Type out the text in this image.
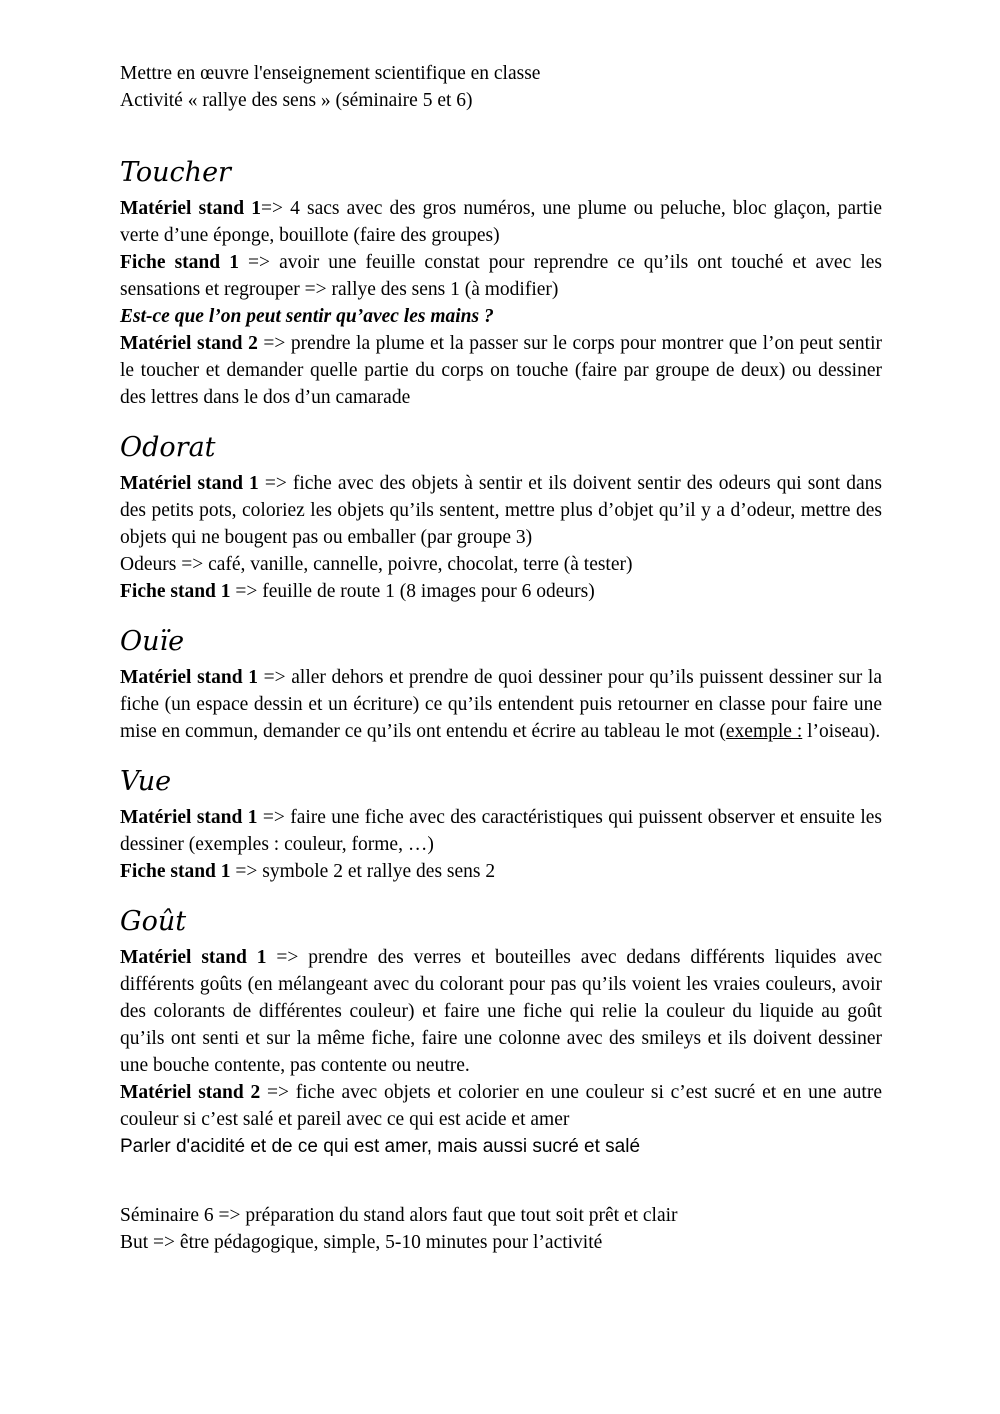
Mettre en œuvre l'enseignement scientifique en classe

Activité « rallye des sens » (séminaire 5 et 6)

Toucher

Matériel stand 1=> 4 sacs avec des gros numéros, une plume ou peluche, bloc glaçon, partie verte d’une éponge, bouillote (faire des groupes)

Fiche stand 1 => avoir une feuille constat pour reprendre ce qu’ils ont touché et avec les sensations et regrouper => rallye des sens 1 (à modifier)

Est-ce que l’on peut sentir qu’avec les mains ?

Matériel stand 2 => prendre la plume et la passer sur le corps pour montrer que l’on peut sentir le toucher et demander quelle partie du corps on touche (faire par groupe de deux) ou dessiner des lettres dans le dos d’un camarade

Odorat

Matériel stand 1 => fiche avec des objets à sentir et ils doivent sentir des odeurs qui sont dans des petits pots, coloriez les objets qu’ils sentent, mettre plus d’objet qu’il y a d’odeur, mettre des objets qui ne bougent pas ou emballer (par groupe 3)

Odeurs => café, vanille, cannelle, poivre, chocolat, terre (à tester)

Fiche stand 1 => feuille de route 1 (8 images pour 6 odeurs)

Ouïe

Matériel stand 1 => aller dehors et prendre de quoi dessiner pour qu’ils puissent dessiner sur la fiche (un espace dessin et un écriture) ce qu’ils entendent puis retourner en classe pour faire une mise en commun, demander ce qu’ils ont entendu et écrire au tableau le mot (exemple : l’oiseau).

Vue

Matériel stand 1 => faire une fiche avec des caractéristiques qui puissent observer et ensuite les dessiner (exemples : couleur, forme, …)

Fiche stand 1 => symbole 2 et rallye des sens 2

Goût

Matériel stand 1 => prendre des verres et bouteilles avec dedans différents liquides avec différents goûts (en mélangeant avec du colorant pour pas qu’ils voient les vraies couleurs, avoir des colorants de différentes couleur) et faire une fiche qui relie la couleur du liquide au goût qu’ils ont senti et sur la même fiche, faire une colonne avec des smileys et ils doivent dessiner une bouche contente, pas contente ou neutre.

Matériel stand 2 => fiche avec objets et colorier en une couleur si c’est sucré et en une autre couleur si c’est salé et pareil avec ce qui est acide et amer

Parler d'acidité et de ce qui est amer, mais aussi sucré et salé

Séminaire 6 => préparation du stand alors faut que tout soit prêt et clair

But => être pédagogique, simple, 5-10 minutes pour l’activité
